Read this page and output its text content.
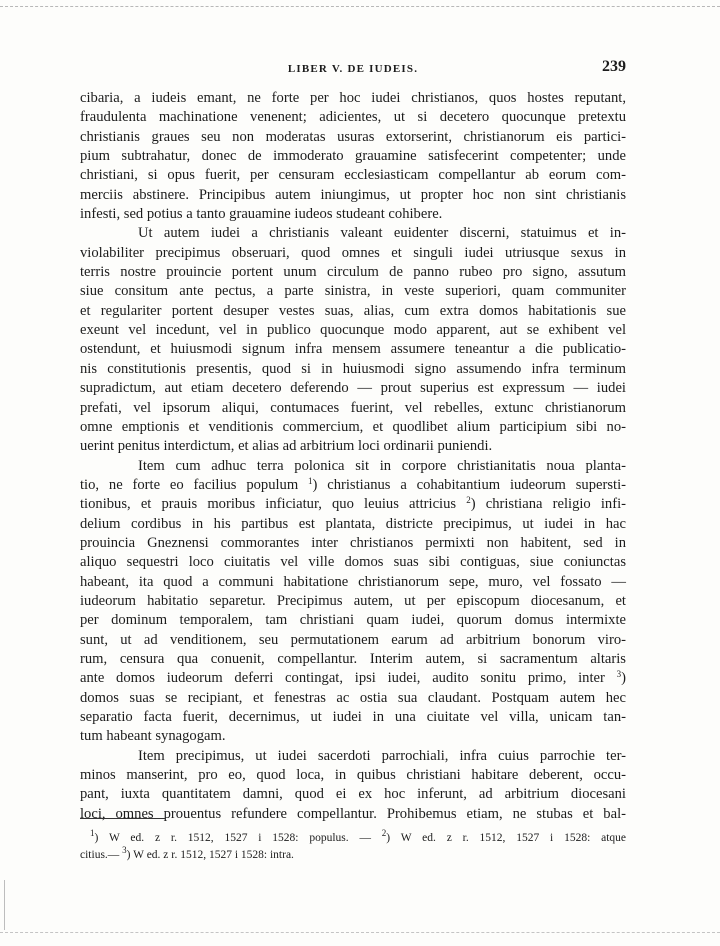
LIBER V. DE IUDEIS.	239
cibaria, a iudeis emant, ne forte per hoc iudei christianos, quos hostes reputant,
fraudulenta machinatione venenent; adicientes, ut si decetero quocunque pretextu
christianis graues seu non moderatas usuras extorserint, christianorum eis partici-
pium subtrahatur, donec de immoderato grauamine satisfecerint competenter; unde
christiani, si opus fuerit, per censuram ecclesiasticam compellantur ab eorum com-
merciis abstinere. Principibus autem iniungimus, ut propter hoc non sint christianis
infesti, sed potius a tanto grauamine iudeos studeant cohibere.
Ut autem iudei a christianis valeant euidenter discerni, statuimus et in-
violabiliter precipimus obseruari, quod omnes et singuli iudei utriusque sexus in
terris nostre prouincie portent unum circulum de panno rubeo pro signo, assutum
siue consitum ante pectus, a parte sinistra, in veste superiori, quam communiter
et regulariter portent desuper vestes suas, alias, cum extra domos habitationis sue
exeunt vel incedunt, vel in publico quocunque modo apparent, aut se exhibent vel
ostendunt, et huiusmodi signum infra mensem assumere teneantur a die publicatio-
nis constitutionis presentis, quod si in huiusmodi signo assumendo infra terminum
supradictum, aut etiam decetero deferendo — prout superius est expressum — iudei
prefati, vel ipsorum aliqui, contumaces fuerint, vel rebelles, extunc christianorum
omne emptionis et venditionis commercium, et quodlibet alium participium sibi no-
uerint penitus interdictum, et alias ad arbitrium loci ordinarii puniendi.
Item cum adhuc terra polonica sit in corpore christianitatis noua planta-
tio, ne forte eo facilius populum $^1$) christianus a cohabitantium iudeorum supersti-
tionibus, et prauis moribus inficiatur, quo leuius attricius $^2$) christiana religio infi-
delium cordibus in his partibus est plantata, districte precipimus, ut iudei in hac
prouincia Gneznensi commorantes inter christianos permixti non habitent, sed in
aliquo sequestri loco ciuitatis vel ville domos suas sibi contiguas, siue coniunctas
habeant, ita quod a communi habitatione christianorum sepe, muro, vel fossato —
iudeorum habitatio separetur. Precipimus autem, ut per episcopum diocesanum, et
per dominum temporalem, tam christiani quam iudei, quorum domus intermixte
sunt, ut ad venditionem, seu permutationem earum ad arbitrium bonorum viro-
rum, censura qua conuenit, compellantur. Interim autem, si sacramentum altaris
ante domos iudeorum deferri contingat, ipsi iudei, audito sonitu primo, inter $^3$)
domos suas se recipiant, et fenestras ac ostia sua claudant. Postquam autem hec
separatio facta fuerit, decernimus, ut iudei in una ciuitate vel villa, unicam tan-
tum habeant synagogam.
Item precipimus, ut iudei sacerdoti parrochiali, infra cuius parrochie ter-
minos manserint, pro eo, quod loca, in quibus christiani habitare deberent, occu-
pant, iuxta quantitatem damni, quod ei ex hoc inferunt, ad arbitrium diocesani
loci, omnes prouentus refundere compellantur. Prohibemus etiam, ne stubas et bal-
$^1$) W ed. z r. 1512, 1527 i 1528: populus. — $^2$) W ed. z r. 1512, 1527 i 1528: atque
citius.— $^3$) W ed. z r. 1512, 1527 i 1528: intra.
